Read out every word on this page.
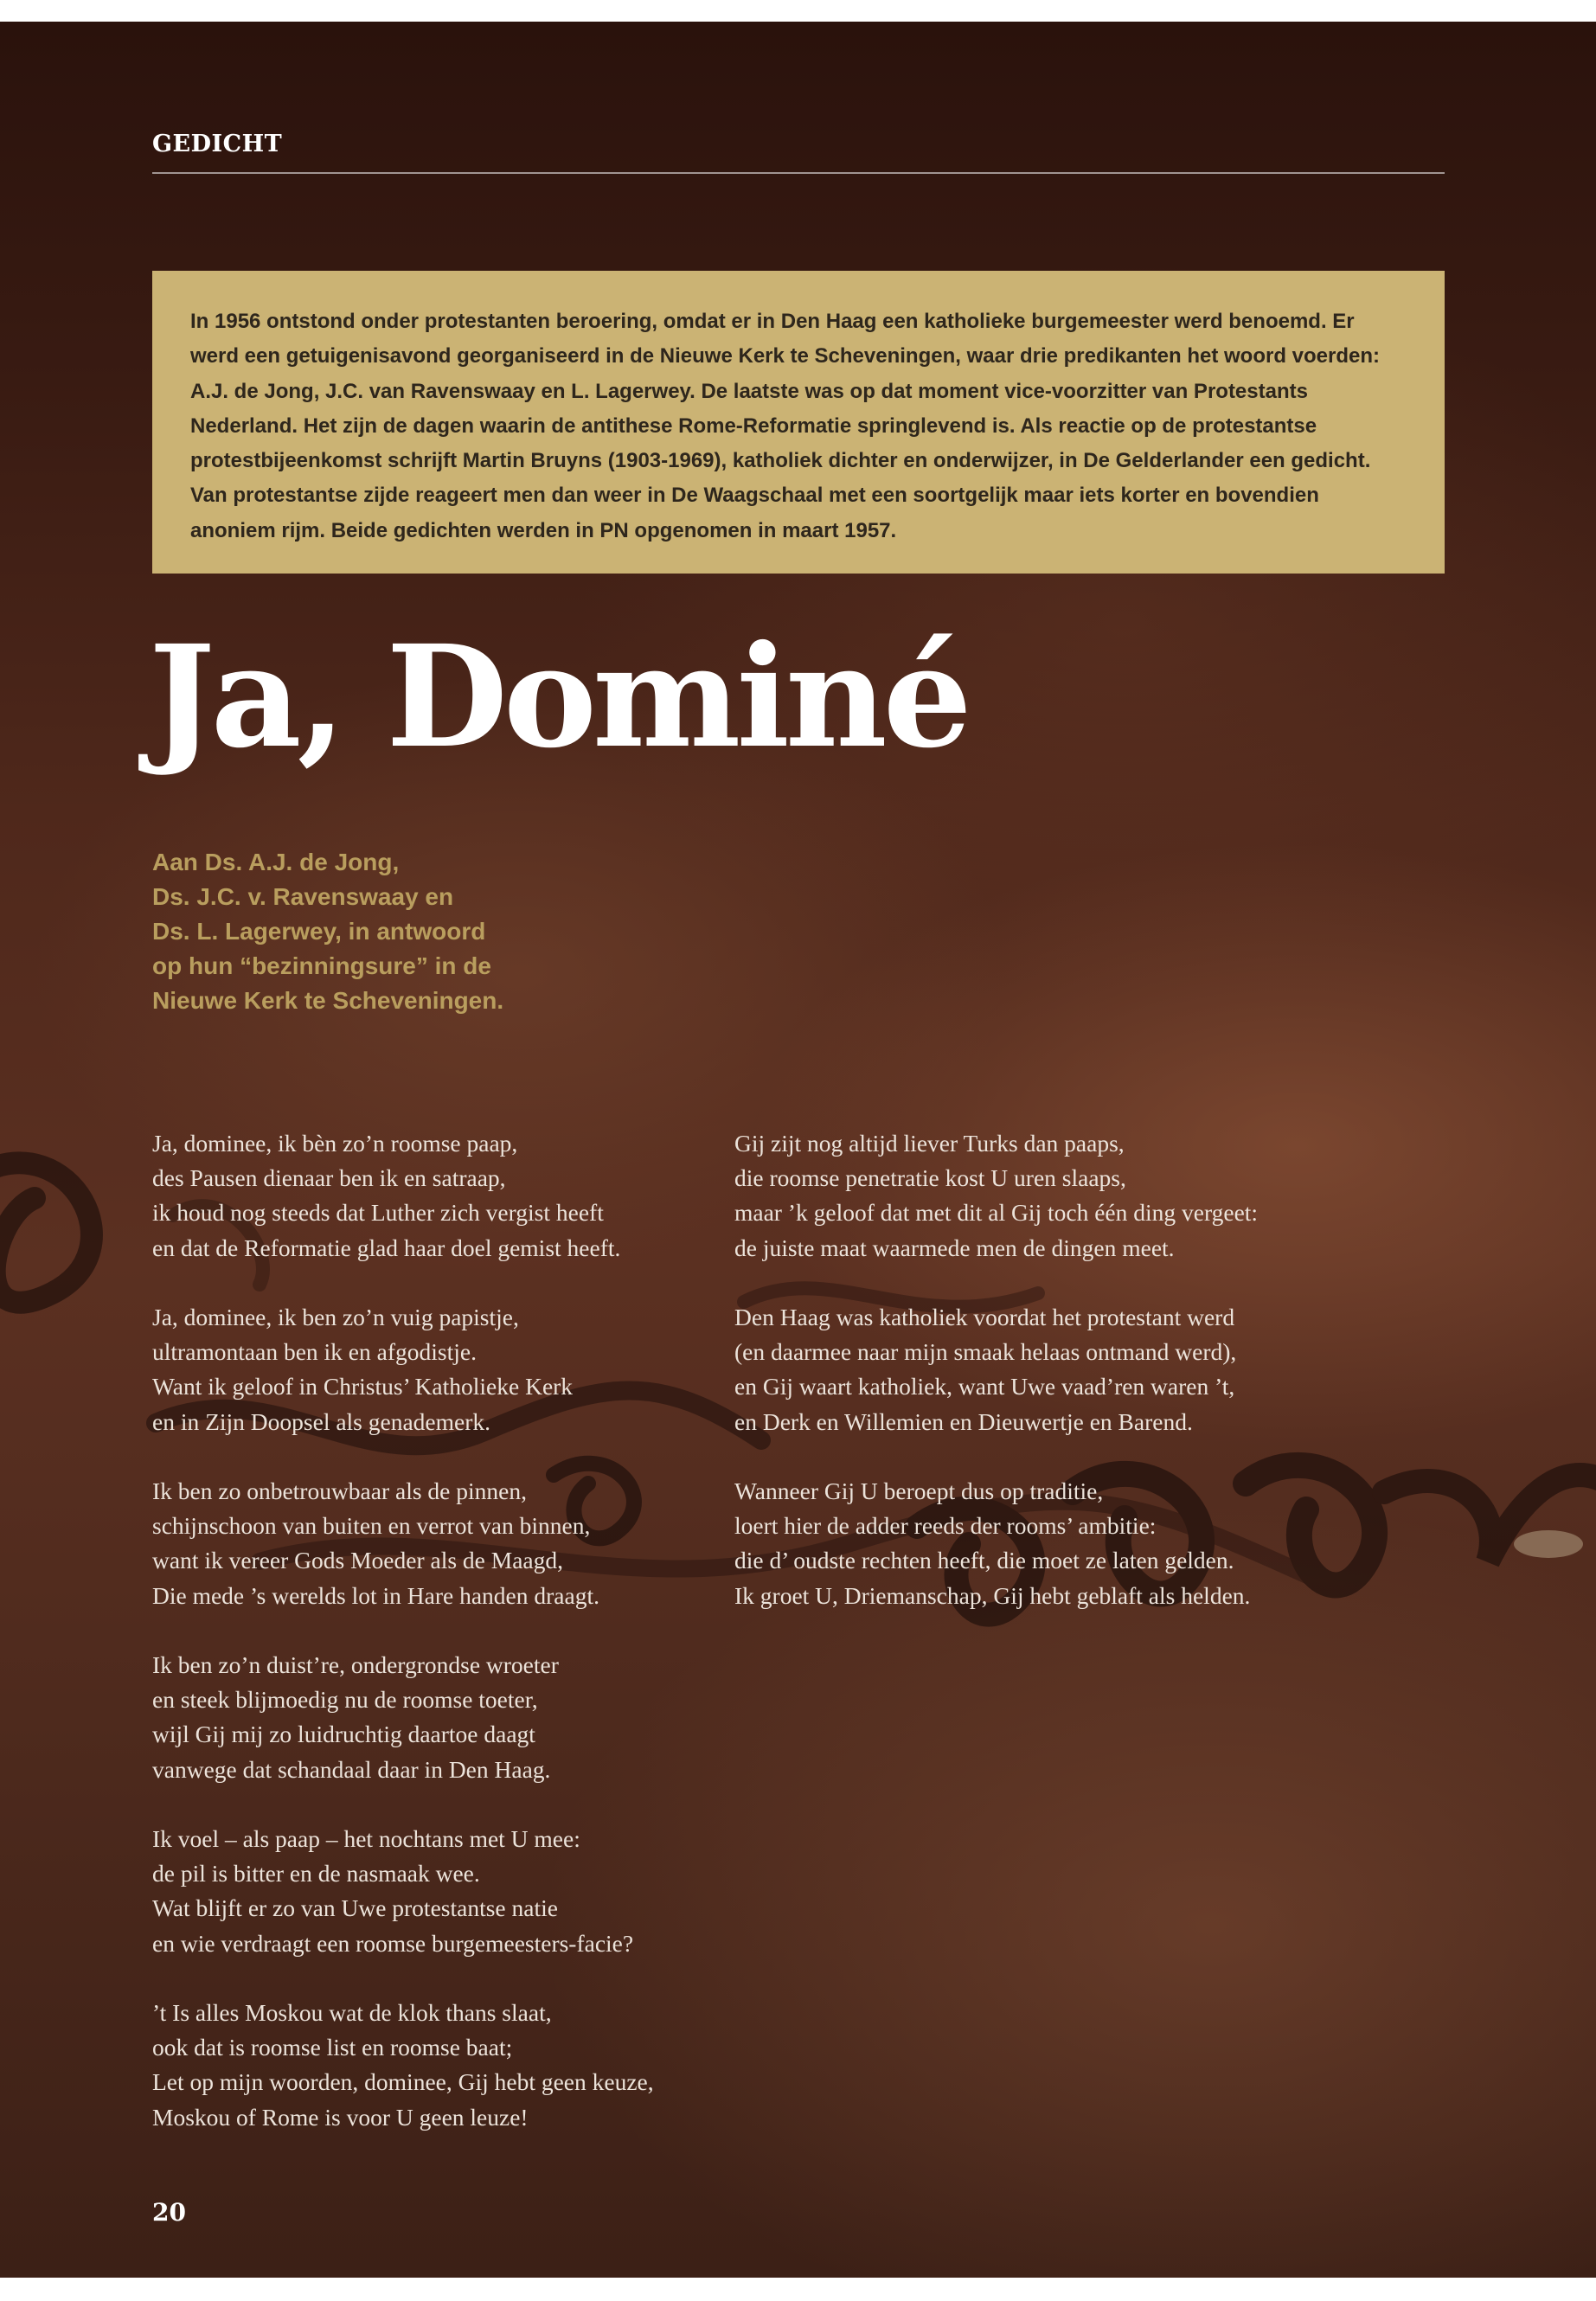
GEDICHT

In 1956 ontstond onder protestanten beroering, omdat er in Den Haag een katholieke burgemeester werd benoemd. Er werd een getuigenisavond georganiseerd in de Nieuwe Kerk te Scheveningen, waar drie predikanten het woord voerden: A.J. de Jong, J.C. van Ravenswaay en L. Lagerwey. De laatste was op dat moment vice-voorzitter van Protestants Nederland. Het zijn de dagen waarin de antithese Rome-Reformatie springlevend is. Als reactie op de protestantse protestbijeenkomst schrijft Martin Bruyns (1903-1969), katholiek dichter en onderwijzer, in De Gelderlander een gedicht. Van protestantse zijde reageert men dan weer in De Waagschaal met een soortgelijk maar iets korter en bovendien anoniem rijm. Beide gedichten werden in PN opgenomen in maart 1957.

Ja, Dominé
Aan Ds. A.J. de Jong,
Ds. J.C. v. Ravenswaay en
Ds. L. Lagerwey, in antwoord
op hun “bezinningsure” in de
Nieuwe Kerk te Scheveningen.
Ja, dominee, ik bèn zo’n roomse paap,
des Pausen dienaar ben ik en satraap,
ik houd nog steeds dat Luther zich vergist heeft
en dat de Reformatie glad haar doel gemist heeft.
Ja, dominee, ik ben zo’n vuig papistje,
ultramontaan ben ik en afgodistje.
Want ik geloof in Christus’ Katholieke Kerk
en in Zijn Doopsel als genademerk.
Ik ben zo onbetrouwbaar als de pinnen,
schijnschoon van buiten en verrot van binnen,
want ik vereer Gods Moeder als de Maagd,
Die mede ’s werelds lot in Hare handen draagt.
Ik ben zo’n duist’re, ondergrondse wroeter
en steek blijmoedig nu de roomse toeter,
wijl Gij mij zo luidruchtig daartoe daagt
vanwege dat schandaal daar in Den Haag.
Ik voel – als paap – het nochtans met U mee:
de pil is bitter en de nasmaak wee.
Wat blijft er zo van Uwe protestantse natie
en wie verdraagt een roomse burgemeesters-facie?
’t Is alles Moskou wat de klok thans slaat,
ook dat is roomse list en roomse baat;
Let op mijn woorden, dominee, Gij hebt geen keuze,
Moskou of Rome is voor U geen leuze!
Gij zijt nog altijd liever Turks dan paaps,
die roomse penetratie kost U uren slaaps,
maar ’k geloof dat met dit al Gij toch één ding vergeet:
de juiste maat waarmede men de dingen meet.
Den Haag was katholiek voordat het protestant werd
(en daarmee naar mijn smaak helaas ontmand werd),
en Gij waart katholiek, want Uwe vaad’ren waren ’t,
en Derk en Willemien en Dieuwertje en Barend.
Wanneer Gij U beroept dus op traditie,
loert hier de adder reeds der rooms’ ambitie:
die d’ oudste rechten heeft, die moet ze laten gelden.
Ik groet U, Driemanschap, Gij hebt geblaft als helden.
20
